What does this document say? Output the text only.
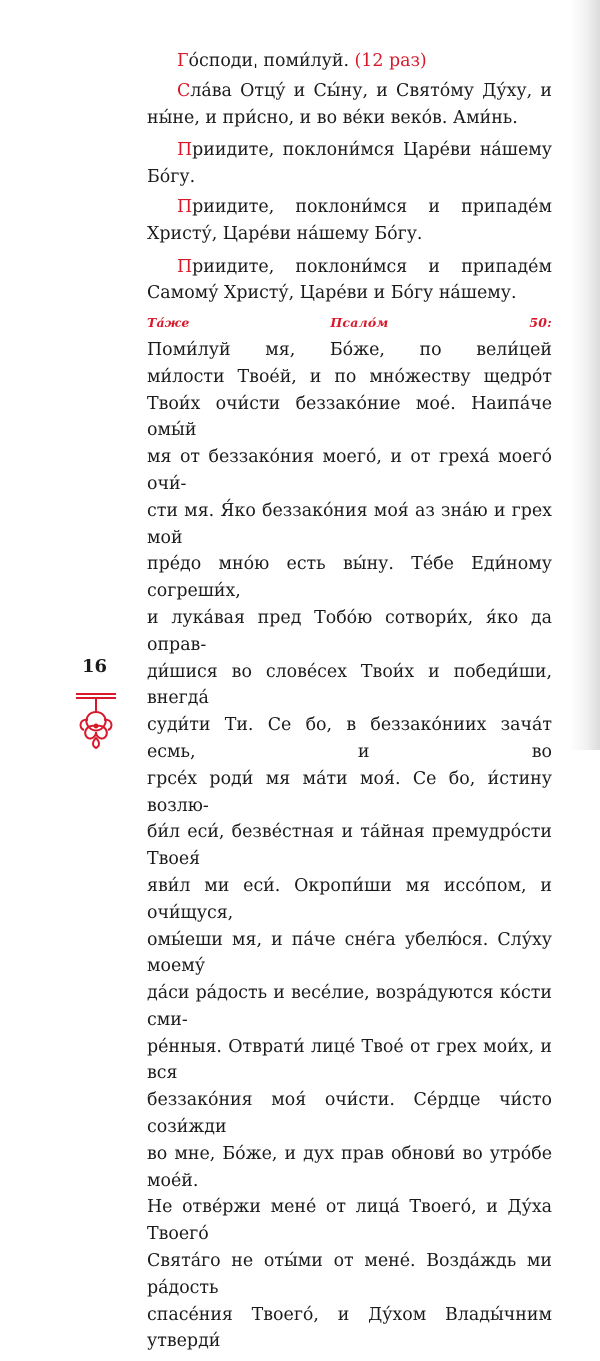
Го́сподиˌ поми́луй. (12 раз)

Сла́ва Отцу́ и Сы́ну, и Свято́му Ду́ху, и ны́не, и при́сно, и во ве́ки веко́в. Ами́нь.

Приидите, поклони́мся Царе́ви на́шему Бо́гу.

Приидите, поклони́мся и припаде́м Христу́, Царе́ви на́шему Бо́гу.

Приидите, поклони́мся и припаде́м Самому́ Христу́, Царе́ви и Бо́гу на́шему.

Та́же Псало́м 50:
Поми́луй мя, Бо́же, по вели́цей
ми́лости Твое́й, и по мно́жеству щедро́т
Твои́х очи́сти беззако́ние мое́. Наипа́че омы́й
мя от беззако́ния моего́, и от греха́ моего́ очи́-
сти мя. Я́ко беззако́ния моя́ аз зна́ю и грех мой
пре́до мно́ю есть вы́ну. Те́бе Еди́ному согреши́х,
и лука́вая пред Тобо́ю сотвори́х, я́ко да оправ-
ди́шися во слове́сех Твои́х и победи́ши, внегда́
суди́ти Ти. Се бо, в беззако́ниих зача́т есмь, и во
грсе́х роди́ мя ма́ти моя́. Се бо, и́стину возлю-
би́л еси́, безве́стная и та́йная премудро́сти Твоея́
яви́л ми еси́. Окропи́ши мя иссо́пом, и очи́щуся,
омы́еши мя, и па́че сне́га убелю́ся. Слу́ху моему́
да́си ра́дость и весе́лие, возра́дуются ко́сти сми-
ре́нныя. Отврати́ лице́ Твое́ от грех мои́х, и вся
беззако́ния моя́ очи́сти. Се́рдце чи́сто сози́жди
во мне, Бо́же, и дух прав обнови́ во утро́бе мое́й.
Не отве́ржи мене́ от лица́ Твоего́, и Ду́ха Твоего́
Свята́го не оты́ми от мене́. Возда́ждь ми ра́дость
спасе́ния Твоего́, и Ду́хом Влады́чним утверди́
16
